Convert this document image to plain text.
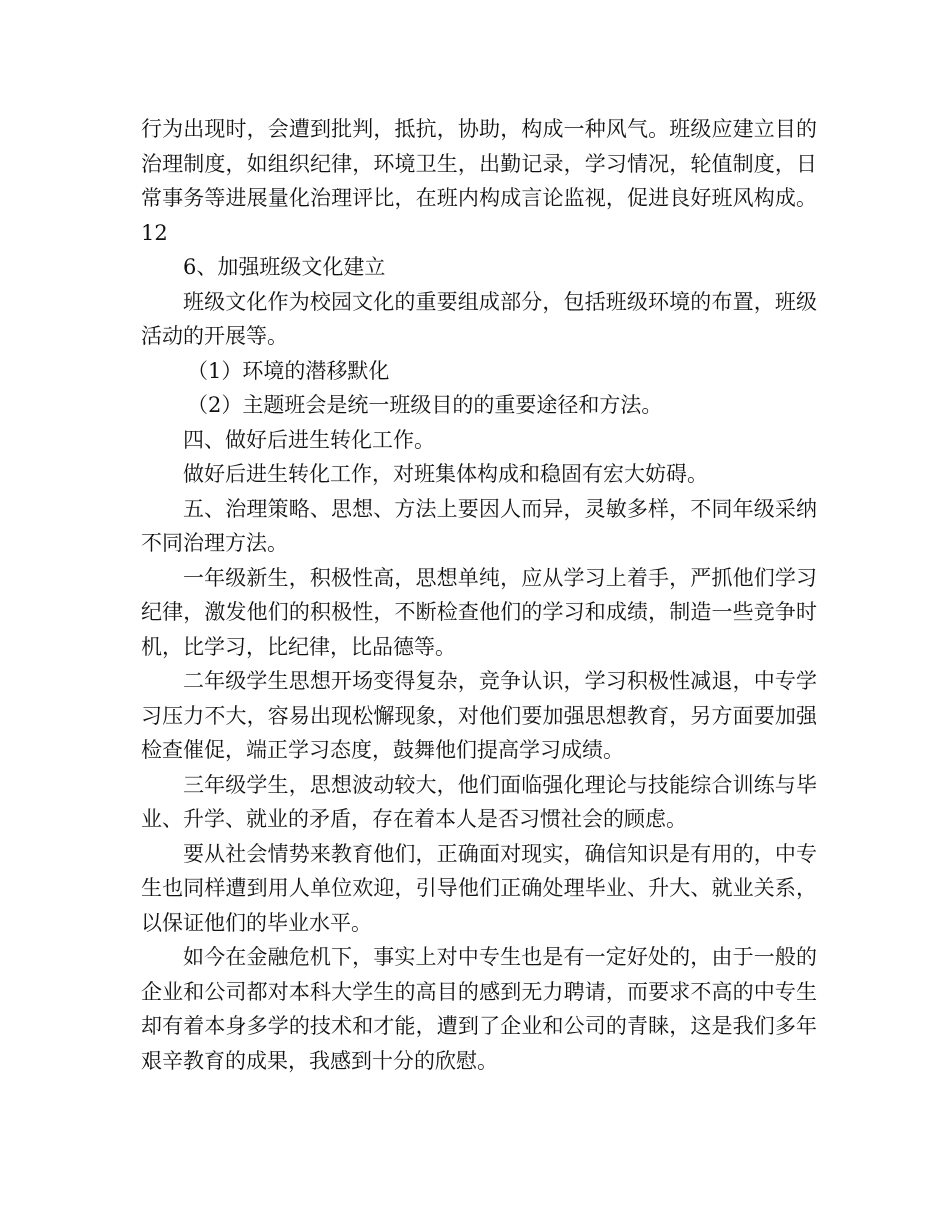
行为出现时，会遭到批判，抵抗，协助，构成一种风气。班级应建立目的治理制度，如组织纪律，环境卫生，出勤记录，学习情况，轮值制度，日常事务等进展量化治理评比，在班内构成言论监视，促进良好班风构成。12

6、加强班级文化建立

班级文化作为校园文化的重要组成部分，包括班级环境的布置，班级活动的开展等。

（1）环境的潜移默化

（2）主题班会是统一班级目的的重要途径和方法。

四、做好后进生转化工作。

做好后进生转化工作，对班集体构成和稳固有宏大妨碍。

五、治理策略、思想、方法上要因人而异，灵敏多样，不同年级采纳不同治理方法。

一年级新生，积极性高，思想单纯，应从学习上着手，严抓他们学习纪律，激发他们的积极性，不断检查他们的学习和成绩，制造一些竞争时机，比学习，比纪律，比品德等。

二年级学生思想开场变得复杂，竞争认识，学习积极性减退，中专学习压力不大，容易出现松懈现象，对他们要加强思想教育，另方面要加强检查催促，端正学习态度，鼓舞他们提高学习成绩。

三年级学生，思想波动较大，他们面临强化理论与技能综合训练与毕业、升学、就业的矛盾，存在着本人是否习惯社会的顾虑。

要从社会情势来教育他们，正确面对现实，确信知识是有用的，中专生也同样遭到用人单位欢迎，引导他们正确处理毕业、升大、就业关系，以保证他们的毕业水平。

如今在金融危机下，事实上对中专生也是有一定好处的，由于一般的企业和公司都对本科大学生的高目的感到无力聘请，而要求不高的中专生却有着本身多学的技术和才能，遭到了企业和公司的青睐，这是我们多年艰辛教育的成果，我感到十分的欣慰。
